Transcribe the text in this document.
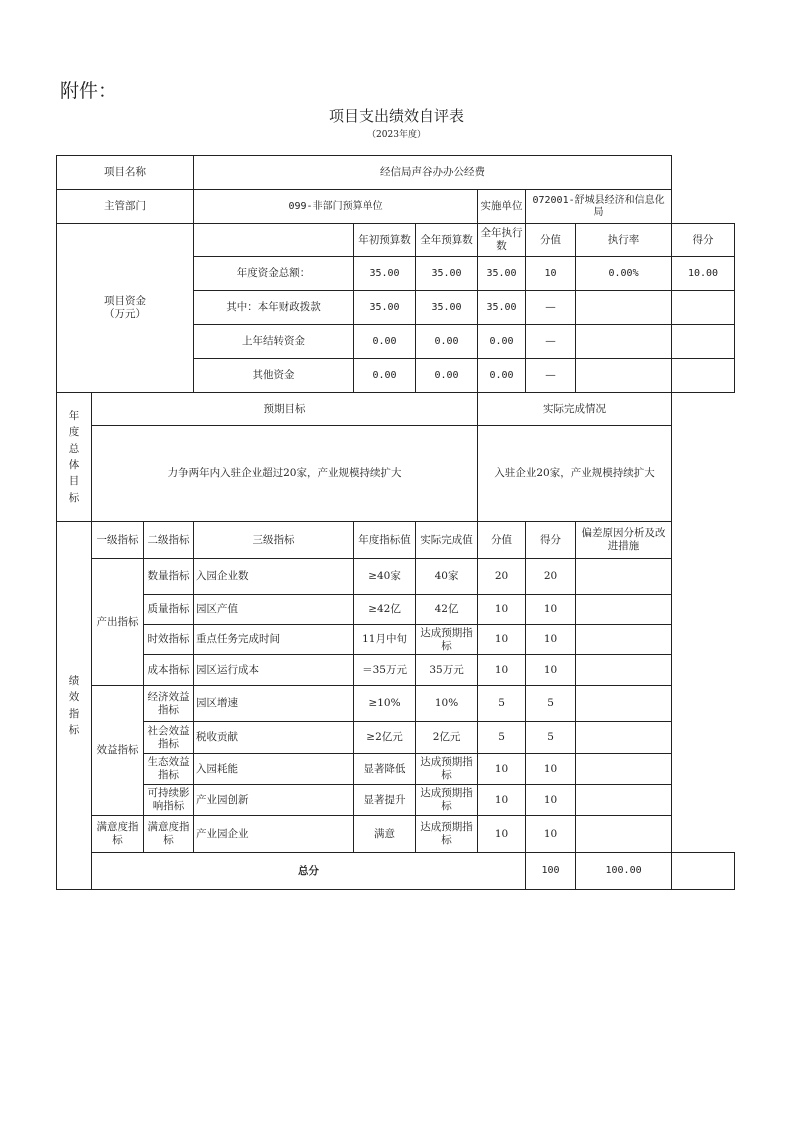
附件：
项目支出绩效自评表
（2023年度）
项目名称			经信局声谷办办公经费						
主管部门			099-非部门预算单位			实施单位	072001-舒城县经济和信息化局		
项目资金
（万元）				年初预算数	全年预算数	全年执行数	分值	执行率	得分
			年度资金总额：	35.00	35.00	35.00	10	0.00%	10.00
			其中：本年财政拨款	35.00	35.00	35.00	—		
			上年结转资金	0.00	0.00	0.00	—		
			其他资金	0.00	0.00	0.00	—		

年度总体目标	预期目标					实际完成情况			
	力争两年内入驻企业超过20家，产业规模持续扩大					入驻企业20家，产业规模持续扩大			

绩效指标	一级指标	二级指标	三级指标	年度指标值	实际完成值	分值	得分	偏差原因分析及改进措施	
	产出指标	数量指标	入园企业数	≥40家	40家	20	20		
		质量指标	园区产值	≥42亿	42亿	10	10		
		时效指标	重点任务完成时间	11月中旬	达成预期指标	10	10		
		成本指标	园区运行成本	＝35万元	35万元	10	10		
	效益指标	经济效益指标	园区增速	≥10%	10%	5	5		
		社会效益指标	税收贡献	≥2亿元	2亿元	5	5		
		生态效益指标	入园耗能	显著降低	达成预期指标	10	10		
		可持续影响指标	产业园创新	显著提升	达成预期指标	10	10		
	满意度指标	满意度指标	产业园企业	满意	达成预期指标	10	10		
	总分						100	100.00	
